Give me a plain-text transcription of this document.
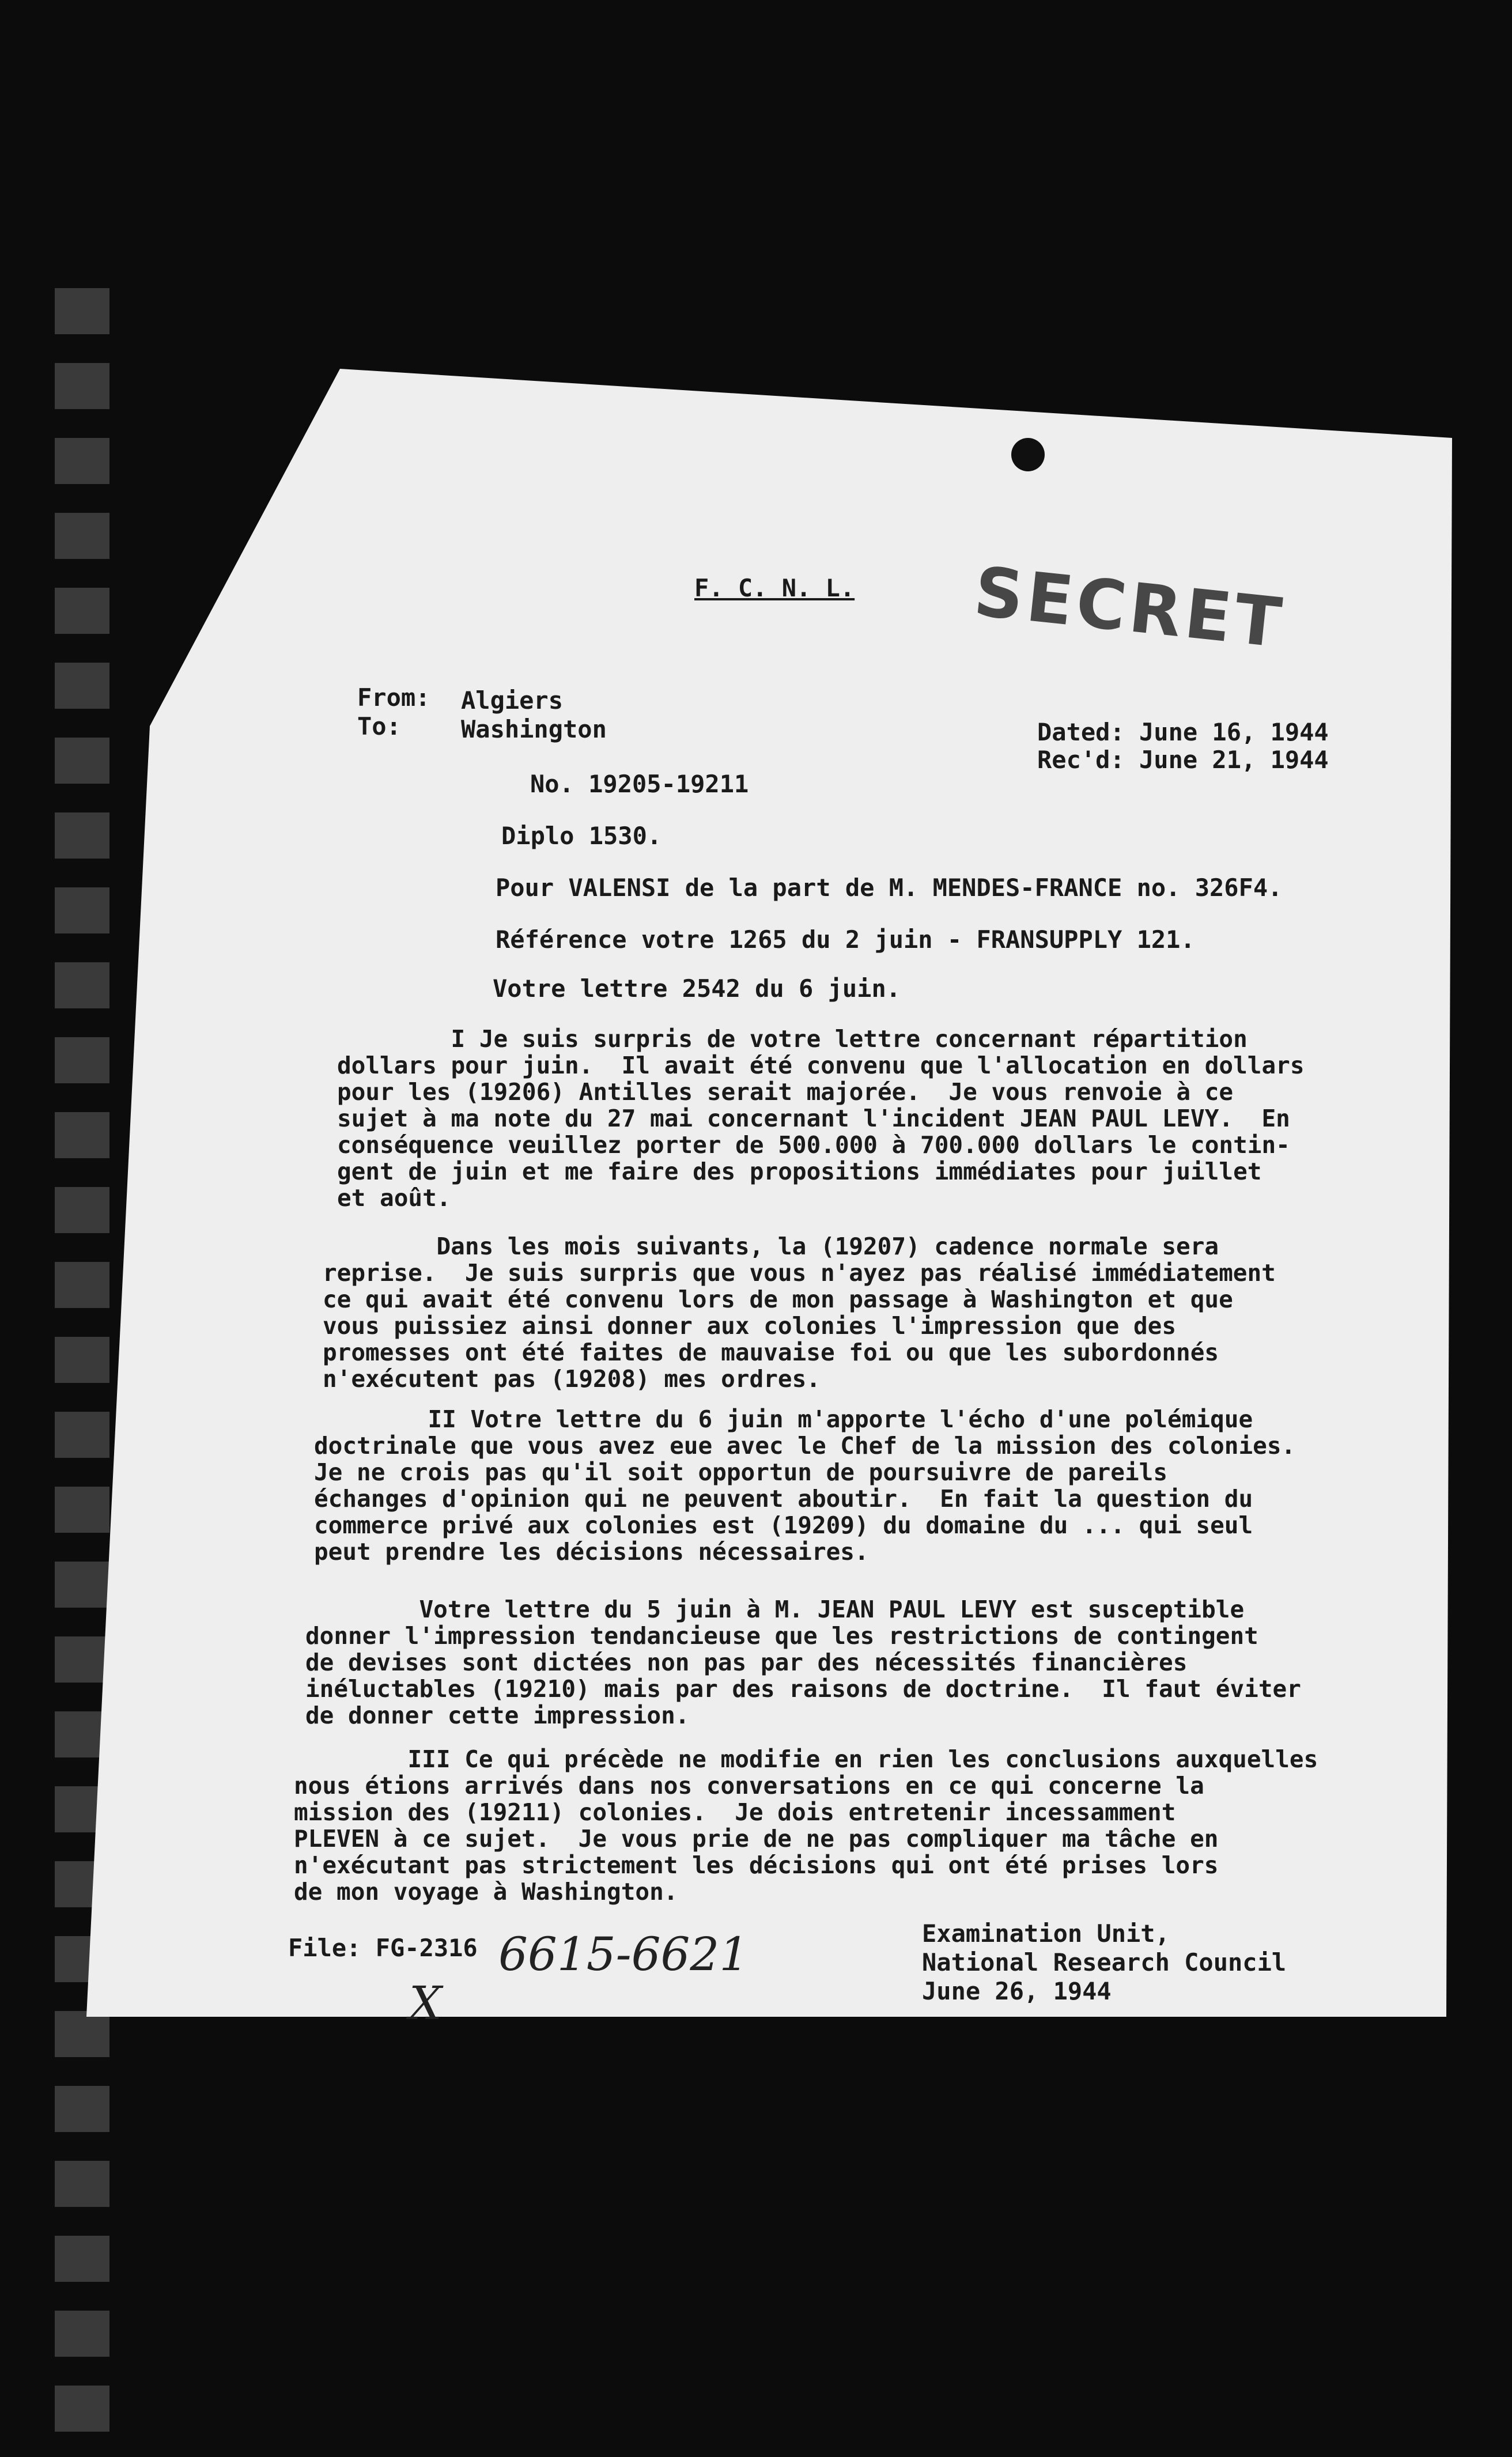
F. C. N. L. SECRET
From: Algiers
To: Washington	Dated: June 16, 1944
Rec'd: June 21, 1944
No. 19205-19211
Diplo 1530.
Pour VALENSI de la part de M. MENDES-FRANCE no. 326F4.
Référence votre 1265 du 2 juin - FRANSUPPLY 121.
Votre lettre 2542 du 6 juin.
I Je suis surpris de votre lettre concernant répartition
dollars pour juin.  Il avait été convenu que l'allocation en dollars
pour les (19206) Antilles serait majorée.  Je vous renvoie à ce
sujet à ma note du 27 mai concernant l'incident JEAN PAUL LEVY.  En
conséquence veuillez porter de 500.000 à 700.000 dollars le contin-
gent de juin et me faire des propositions immédiates pour juillet
et août.
Dans les mois suivants, la (19207) cadence normale sera
reprise.  Je suis surpris que vous n'ayez pas réalisé immédiatement
ce qui avait été convenu lors de mon passage à Washington et que
vous puissiez ainsi donner aux colonies l'impression que des
promesses ont été faites de mauvaise foi ou que les subordonnés
n'exécutent pas (19208) mes ordres.
II Votre lettre du 6 juin m'apporte l'écho d'une polémique
doctrinale que vous avez eue avec le Chef de la mission des colonies.
Je ne crois pas qu'il soit opportun de poursuivre de pareils
échanges d'opinion qui ne peuvent aboutir.  En fait la question du
commerce privé aux colonies est (19209) du domaine du ... qui seul
peut prendre les décisions nécessaires.
Votre lettre du 5 juin à M. JEAN PAUL LEVY est susceptible
donner l'impression tendancieuse que les restrictions de contingent
de devises sont dictées non pas par des nécessités financières
inéluctables (19210) mais par des raisons de doctrine.  Il faut éviter
de donner cette impression.
III Ce qui précède ne modifie en rien les conclusions auxquelles
nous étions arrivés dans nos conversations en ce qui concerne la
mission des (19211) colonies.  Je dois entretenir incessamment
PLEVEN à ce sujet.  Je vous prie de ne pas compliquer ma tâche en
n'exécutant pas strictement les décisions qui ont été prises lors
de mon voyage à Washington.
File: FG-2316 6615-6621
X
Examination Unit,
National Research Council
June 26, 1944
